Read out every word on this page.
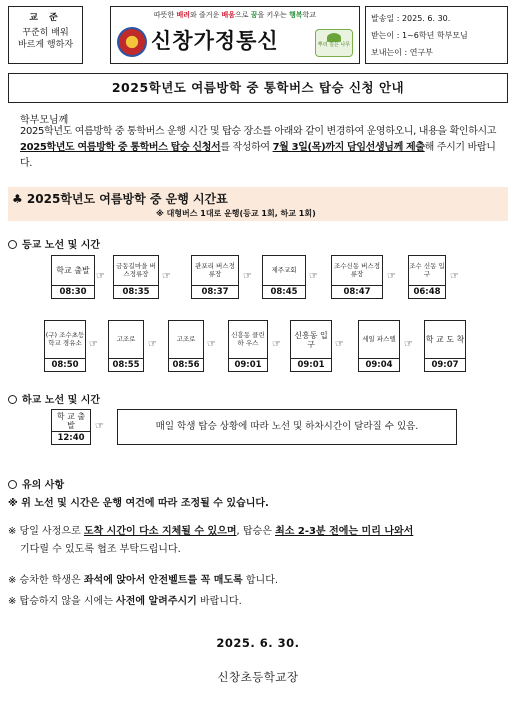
교 준
꾸준히 배워
바르게 행하자
따뜻한 배려와 즐거운 배움으로 꿈을 키우는 행복학교
신창가정통신	뿌리 깊은 나무
발송일 : 2025. 6. 30.
받는이 : 1~6학년 학부모님
보내는이 : 연구부
2025학년도 여름방학 중 통학버스 탑승 신청 안내
학부모님께
2025학년도 여름방학 중 통학버스 운행 시간 및 탑승 장소를 아래와 같이 변경하여 운영하오니, 내용을 확인하시고 2025학년도 여름방학 중 통학버스 탑승 신청서를 작성하여 7월 3일(목)까지 담임선생님께 제출해 주시기 바랍니다.
♣ 2025학년도 여름방학 중 운행 시간표
※ 대형버스 1대로 운행(등교 1회, 하교 1회)
등교 노선 및 시간
학교 출발
08:30
☞
금동길마을 버스정류장
08:35
☞
관포리 버스정류장
08:37
☞
제주교회
08:45
☞
조수신동 버스정류장
08:47
☞
조수 신동 입구
06:48
☞
(구) 조수초등 학교 경유소
08:50
☞
고조로
08:55
☞
고조로
08:56
☞
신흥동 클린하 우스
09:01
☞
신흥동 입구
09:01
☞
세일 파스텔
09:04
☞ 학 교 도 착
09:07
하교 노선 및 시간
학 교 출 발
12:40
☞	매일 학생 탑승 상황에 따라 노선 및 하차시간이 달라질 수 있음.
유의 사항
※ 위 노선 및 시간은 운행 여건에 따라 조정될 수 있습니다.
※ 당일 사정으로 도착 시간이 다소 지체될 수 있으며, 탑승은 최소 2-3분 전에는 미리 나와서
기다릴 수 있도록 협조 부탁드립니다.
※ 승차한 학생은 좌석에 앉아서 안전벨트를 꼭 매도록 합니다.
※ 탑승하지 않을 시에는 사전에 알려주시기 바랍니다.
2025. 6. 30.
신창초등학교장
